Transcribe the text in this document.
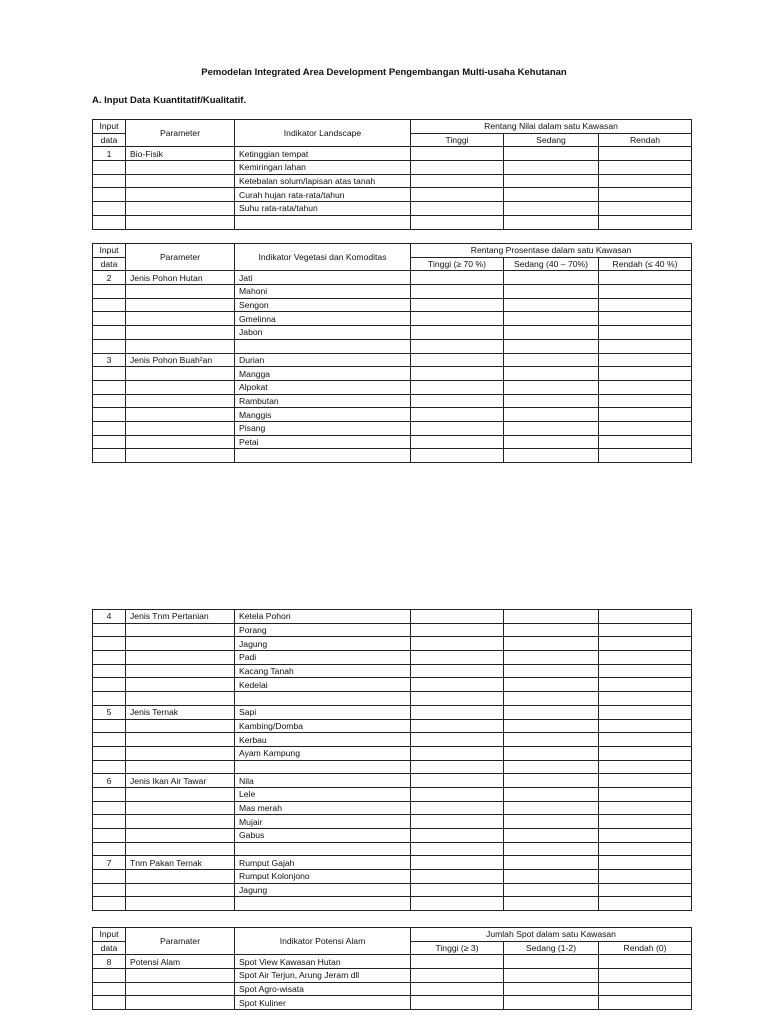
Pemodelan Integrated Area Development Pengembangan Multi-usaha Kehutanan
A. Input Data Kuantitatif/Kualitatif.
Input	Parameter	Indikator Landscape	Rentang Nilai dalam satu Kawasan		
data			Tinggi	Sedang	Rendah
1	Bio-Fisik	Ketinggian tempat			
		Kemiringan lahan			
		Ketebalan solum/lapisan atas tanah			
		Curah hujan rata-rata/tahun			
		Suhu rata-rata/tahun			

Input	Parameter	Indikator Vegetasi dan Komoditas	Rentang Prosentase dalam satu Kawasan		
data			Tinggi (≥ 70 %)	Sedang (40 – 70%)	Rendah (≤ 40 %)
2	Jenis Pohon Hutan	Jati			
		Mahoni			
		Sengon			
		Gmelinna			
		Jabon			

3	Jenis Pohon Buah²an	Durian			
		Mangga			
		Alpokat			
		Rambutan			
		Manggis			
		Pisang			
		Petai			

4	Jenis Tnm Pertanian	Ketela Pohon			
		Porang			
		Jagung			
		Padi			
		Kacang Tanah			
		Kedelai			

5	Jenis Ternak	Sapi			
		Kambing/Domba			
		Kerbau			
		Ayam Kampung			

6	Jenis Ikan Air Tawar	Nila			
		Lele			
		Mas merah			
		Mujair			
		Gabus			

7	Tnm Pakan Ternak	Rumput Gajah			
		Rumput Kolonjono			
		Jagung			

Input	Paramater	Indikator Potensi Alam	Jumlah Spot dalam satu Kawasan		
data			Tinggi (≥ 3)	Sedang (1-2)	Rendah (0)
8	Potensi Alam	Spot View Kawasan Hutan			
		Spot Air Terjun, Arung Jeram dll			
		Spot Agro-wisata			
		Spot Kuliner			
